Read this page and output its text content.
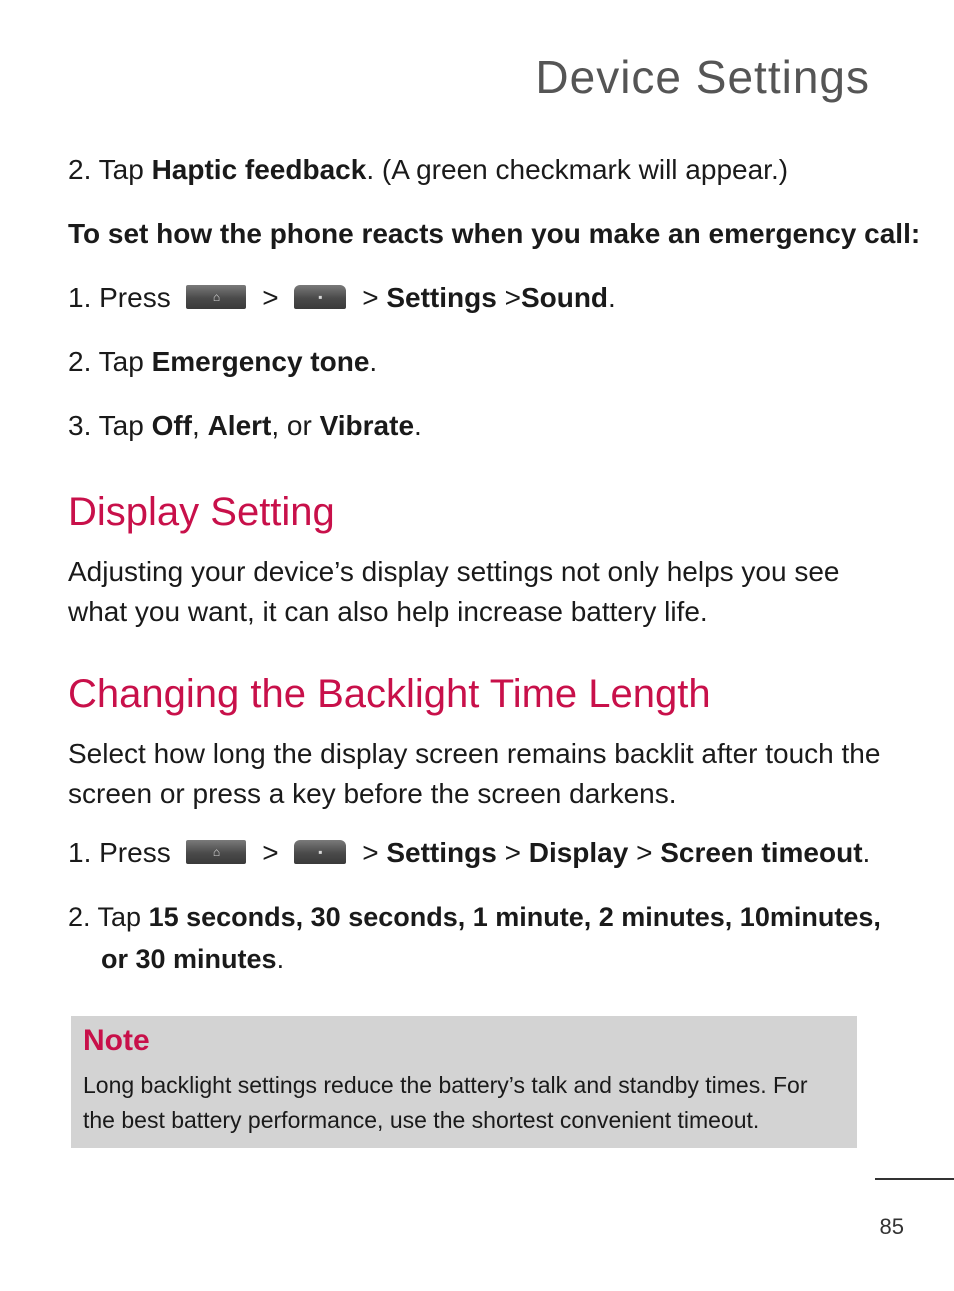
Device Settings
2. Tap Haptic feedback. (A green checkmark will appear.)
To set how the phone reacts when you make an emergency call:
1. Press	⌂	>	▪	> Settings >Sound.
2. Tap Emergency tone.
3. Tap Off, Alert, or Vibrate.
Display Setting
Adjusting your device’s display settings not only helps you see what you want, it can also help increase battery life.
Changing the Backlight Time Length
Select how long the display screen remains backlit after touch the screen or press a key before the screen darkens.
1. Press	⌂	>	▪	> Settings > Display > Screen timeout.
2. Tap 15 seconds, 30 seconds, 1 minute, 2 minutes, 10minutes,
or 30 minutes.
Note
Long backlight settings reduce the battery’s talk and standby times. For the best battery performance, use the shortest convenient timeout.
85
